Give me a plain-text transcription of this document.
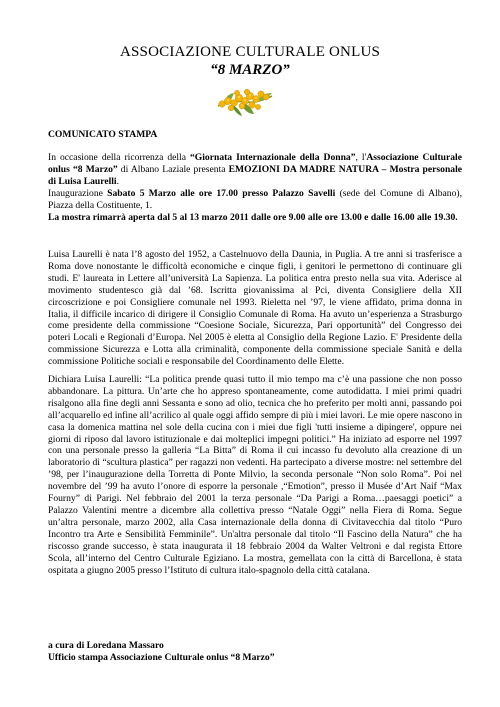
ASSOCIAZIONE CULTURALE ONLUS
“8 MARZO”
COMUNICATO STAMPA

In occasione della ricorrenza della “Giornata Internazionale della Donna”, l'Associazione Culturale onlus “8 Marzo” di Albano Laziale presenta EMOZIONI DA MADRE NATURA – Mostra personale di Luisa Laurelli.

Inaugurazione Sabato 5 Marzo alle ore 17.00 presso Palazzo Savelli (sede del Comune di Albano), Piazza della Costituente, 1.

La mostra rimarrà aperta dal 5 al 13 marzo 2011 dalle ore 9.00 alle ore 13.00 e dalle 16.00 alle 19.30.

Luisa Laurelli è nata l’8 agosto del 1952, a Castelnuovo della Daunia, in Puglia. A tre anni si trasferisce a Roma dove nonostante le difficoltà economiche e cinque figli, i genitori le permettono di continuare gli studi. E' laureata in Lettere all’università La Sapienza. La politica entra presto nella sua vita. Aderisce al movimento studentesco già dal ’68. Iscritta giovanissima al Pci, diventa Consigliere della XII circoscrizione e poi Consigliere comunale nel 1993. Rieletta nel ’97, le viene affidato, prima donna in Italia, il difficile incarico di dirigere il Consiglio Comunale di Roma. Ha avuto un’esperienza a Strasburgo come presidente della commissione “Coesione Sociale, Sicurezza, Pari opportunità” del Congresso dei poteri Locali e Regionali d’Europa. Nel 2005 è eletta al Consiglio della Regione Lazio. E' Presidente della commissione Sicurezza e Lotta alla criminalità, componente della commissione speciale Sanità e della commissione Politiche sociali e responsabile del Coordinamento delle Elette.

Dichiara Luisa Laurelli: “La politica prende quasi tutto il mio tempo ma c’è una passione che non posso abbandonare. La pittura. Un’arte che ho appreso spontaneamente, come autodidatta. I miei primi quadri risalgono alla fine degli anni Sessanta e sono ad olio, tecnica che ho preferito per molti anni, passando poi all’acquarello ed infine all’acrilico al quale oggi affido sempre di più i miei lavori. Le mie opere nascono in casa la domenica mattina nel sole della cucina con i miei due figli 'tutti insieme a dipingere', oppure nei giorni di riposo dal lavoro istituzionale e dai molteplici impegni politici.” Ha iniziato ad esporre nel 1997 con una personale presso la galleria “La Bitta” di Roma il cui incasso fu devoluto alla creazione di un laboratorio di “scultura plastica” per ragazzi non vedenti. Ha partecipato a diverse mostre: nel settembre del ’98, per l’inaugurazione della Torretta di Ponte Milvio, la seconda personale “Non solo Roma”. Poi nel novembre del ’99 ha avuto l’onore di esporre la personale ,“Emotion”, presso il Musée d’Art Naif “Max Fourny” di Parigi. Nel febbraio del 2001 la terza personale “Da Parigi a Roma…paesaggi poetici” a Palazzo Valentini mentre a dicembre alla collettiva presso “Natale Oggi” nella Fiera di Roma. Segue un’altra personale, marzo 2002, alla Casa internazionale della donna di Civitavecchia dal titolo “Puro Incontro tra Arte e Sensibilità Femminile”. Un'altra personale dal titolo “Il Fascino della Natura” che ha riscosso grande successo, è stata inaugurata il 18 febbraio 2004 da Walter Veltroni e dal regista Ettore Scola, all’interno del Centro Culturale Egiziano. La mostra, gemellata con la città di Barcellona, è stata ospitata a giugno 2005 presso l’Istituto di cultura italo-spagnolo della città catalana.

a cura di Loredana Massaro
Ufficio stampa Associazione Culturale onlus “8 Marzo”
